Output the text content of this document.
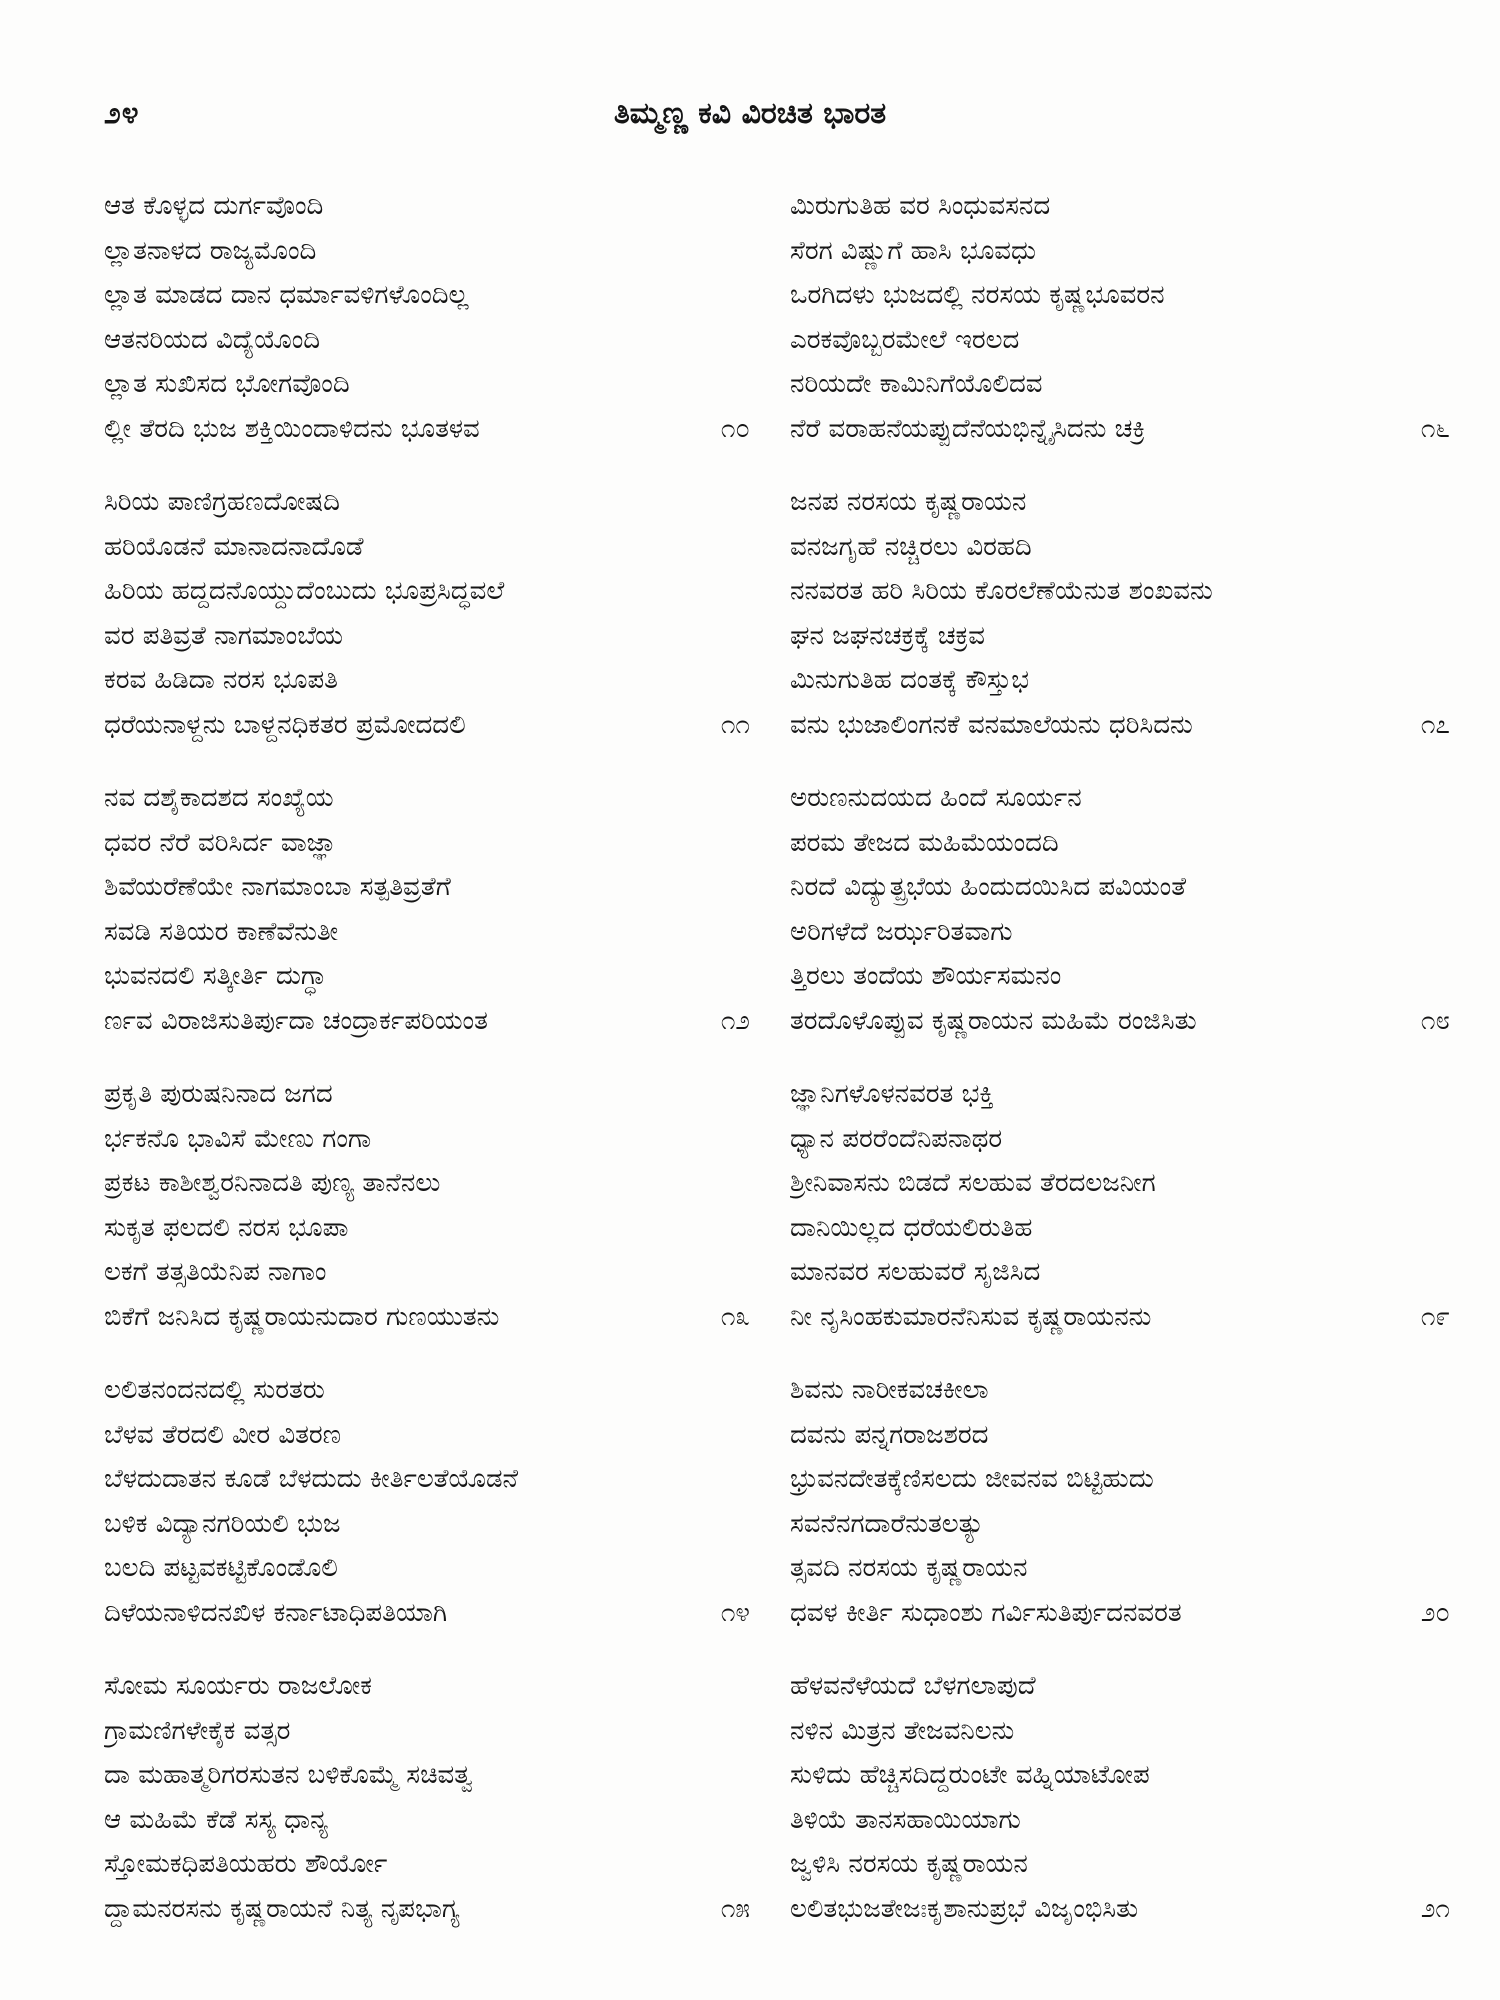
೨೪	ತಿಮ್ಮಣ್ಣ ಕವಿ ವಿರಚಿತ ಭಾರತ
ಆತ ಕೊಳ್ಳದ ದುರ್ಗವೊಂದಿ
ಲ್ಲಾತನಾಳದ ರಾಜ್ಯಮೊಂದಿ
ಲ್ಲಾತ ಮಾಡದ ದಾನ ಧರ್ಮಾವಳಿಗಳೊಂದಿಲ್ಲ
ಆತನರಿಯದ ವಿದ್ಯೆಯೊಂದಿ
ಲ್ಲಾತ ಸುಖಿಸದ ಭೋಗವೊಂದಿ
ಲ್ಲೀ ತೆರದಿ ಭುಜ ಶಕ್ತಿಯಿಂದಾಳಿದನು ಭೂತಳವ	೧೦
ಸಿರಿಯ ಪಾಣಿಗ್ರಹಣದೋಷದಿ
ಹರಿಯೊಡನೆ ಮಾನಾದನಾದೊಡೆ
ಹಿರಿಯ ಹದ್ದದನೊಯ್ದುದೆಂಬುದು ಭೂಪ್ರಸಿದ್ಧವಲೆ
ವರ ಪತಿವ್ರತೆ ನಾಗಮಾಂಬೆಯ
ಕರವ ಹಿಡಿದಾ ನರಸ ಭೂಪತಿ
ಧರೆಯನಾಳ್ದನು ಬಾಳ್ದನಧಿಕತರ ಪ್ರಮೋದದಲಿ	೧೧
ನವ ದಶೈಕಾದಶದ ಸಂಖ್ಯೆಯ
ಧವರ ನೆರೆ ವರಿಸಿರ್ದ ವಾಜ್ಞಾ
ಶಿವೆಯರೆಣೆಯೇ ನಾಗಮಾಂಬಾ ಸತ್ಪತಿವ್ರತೆಗೆ
ಸವಡಿ ಸತಿಯರ ಕಾಣೆವೆನುತೀ
ಭುವನದಲಿ ಸತ್ಕೀರ್ತಿ ದುಗ್ಧಾ
ರ್ಣವ ವಿರಾಜಿಸುತಿರ್ಪುದಾ ಚಂದ್ರಾರ್ಕಪರಿಯಂತ	೧೨
ಪ್ರಕೃತಿ ಪುರುಷನಿನಾದ ಜಗದ
ರ್ಭಕನೊ ಭಾವಿಸೆ ಮೇಣು ಗಂಗಾ
ಪ್ರಕಟ ಕಾಶೀಶ್ವರನಿನಾದತಿ ಪುಣ್ಯ ತಾನೆನಲು
ಸುಕೃತ ಫಲದಲಿ ನರಸ ಭೂಪಾ
ಲಕಗೆ ತತ್ಸತಿಯೆನಿಪ ನಾಗಾಂ
ಬಿಕೆಗೆ ಜನಿಸಿದ ಕೃಷ್ಣರಾಯನುದಾರ ಗುಣಯುತನು	೧೩
ಲಲಿತನಂದನದಲ್ಲಿ ಸುರತರು
ಬೆಳವ ತೆರದಲಿ ವೀರ ವಿತರಣ
ಬೆಳದುದಾತನ ಕೂಡೆ ಬೆಳದುದು ಕೀರ್ತಿಲತೆಯೊಡನೆ
ಬಳಿಕ ವಿದ್ಯಾನಗರಿಯಲಿ ಭುಜ
ಬಲದಿ ಪಟ್ಟವಕಟ್ಟಿಕೊಂಡೊಲಿ
ದಿಳೆಯನಾಳಿದನಖಿಳ ಕರ್ನಾಟಾಧಿಪತಿಯಾಗಿ	೧೪
ಸೋಮ ಸೂರ್ಯರು ರಾಜಲೋಕ
ಗ್ರಾಮಣಿಗಳೇಕೈಕ ವತ್ಸರ
ದಾ ಮಹಾತ್ಮರಿಗರಸುತನ ಬಳಿಕೊಮ್ಮೆ ಸಚಿವತ್ವ
ಆ ಮಹಿಮೆ ಕೆಡೆ ಸಸ್ಯ ಧಾನ್ಯ
ಸ್ತೋಮಕಧಿಪತಿಯಹರು ಶೌರ್ಯೋ
ದ್ದಾಮನರಸನು ಕೃಷ್ಣರಾಯನೆ ನಿತ್ಯ ನೃಪಭಾಗ್ಯ	೧೫
ಮಿರುಗುತಿಹ ವರ ಸಿಂಧುವಸನದ
ಸೆರಗ ವಿಷ್ಣುಗೆ ಹಾಸಿ ಭೂವಧು
ಒರಗಿದಳು ಭುಜದಲ್ಲಿ ನರಸಯ ಕೃಷ್ಣಭೂವರನ
ಎರಕವೊಬ್ಬರಮೇಲೆ ಇರಲದ
ನರಿಯದೇ ಕಾಮಿನಿಗೆಯೊಲಿದವ
ನೆರೆ ವರಾಹನೆಯಪ್ಪುದೆನೆಯಭಿನ್ನೈಸಿದನು ಚಕ್ರಿ	೧೬
ಜನಪ ನರಸಯ ಕೃಷ್ಣರಾಯನ
ವನಜಗೃಹೆ ನಚ್ಚಿರಲು ವಿರಹದಿ
ನನವರತ ಹರಿ ಸಿರಿಯ ಕೊರಲೆಣೆಯೆನುತ ಶಂಖವನು
ಘನ ಜಘನಚಕ್ರಕ್ಕೆ ಚಕ್ರವ
ಮಿನುಗುತಿಹ ದಂತಕ್ಕೆ ಕೌಸ್ತುಭ
ವನು ಭುಜಾಲಿಂಗನಕೆ ವನಮಾಲೆಯನು ಧರಿಸಿದನು	೧೭
ಅರುಣನುದಯದ ಹಿಂದೆ ಸೂರ್ಯನ
ಪರಮ ತೇಜದ ಮಹಿಮೆಯಂದದಿ
ನಿರದೆ ವಿದ್ಯುತ್ಪ್ರಭೆಯ ಹಿಂದುದಯಿಸಿದ ಪವಿಯಂತೆ
ಅರಿಗಳೆದೆ ಜರ್ಝರಿತವಾಗು
ತ್ತಿರಲು ತಂದೆಯ ಶೌರ್ಯಸಮನಂ
ತರದೊಳೊಪ್ಪುವ ಕೃಷ್ಣರಾಯನ ಮಹಿಮೆ ರಂಜಿಸಿತು	೧೮
ಜ್ಞಾನಿಗಳೊಳನವರತ ಭಕ್ತಿ
ಧ್ಯಾನ ಪರರೆಂದೆನಿಪನಾಥರ
ಶ್ರೀನಿವಾಸನು ಬಿಡದೆ ಸಲಹುವ ತೆರದಲಜನೀಗ
ದಾನಿಯಿಲ್ಲದ ಧರೆಯಲಿರುತಿಹ
ಮಾನವರ ಸಲಹುವರೆ ಸೃಜಿಸಿದ
ನೀ ನೃಸಿಂಹಕುಮಾರನೆನಿಸುವ ಕೃಷ್ಣರಾಯನನು	೧೯
ಶಿವನು ನಾರೀಕವಚಕೀಲಾ
ದವನು ಪನ್ನಗರಾಜಶರದ
ಭ್ರುವನದೇತಕ್ಕೆಣಿಸಲದು ಜೀವನವ ಬಿಟ್ಟಿಹುದು
ಸವನೆನಗದಾರೆನುತಲತ್ಯು
ತ್ಸವದಿ ನರಸಯ ಕೃಷ್ಣರಾಯನ
ಧವಳ ಕೀರ್ತಿ ಸುಧಾಂಶು ಗರ್ವಿಸುತಿರ್ಪುದನವರತ	೨೦
ಹೆಳವನೆಳೆಯದೆ ಬೆಳಗಲಾಪುದೆ
ನಳಿನ ಮಿತ್ರನ ತೇಜವನಿಲನು
ಸುಳಿದು ಹೆಚ್ಚಿಸದಿದ್ದರುಂಟೇ ವಹ್ನಿಯಾಟೋಪ
ತಿಳಿಯೆ ತಾನಸಹಾಯಿಯಾಗು
ಜ್ವಳಿಸಿ ನರಸಯ ಕೃಷ್ಣರಾಯನ
ಲಲಿತಭುಜತೇಜಃಕೃಶಾನುಪ್ರಭೆ ವಿಜೃಂಭಿಸಿತು	೨೧
